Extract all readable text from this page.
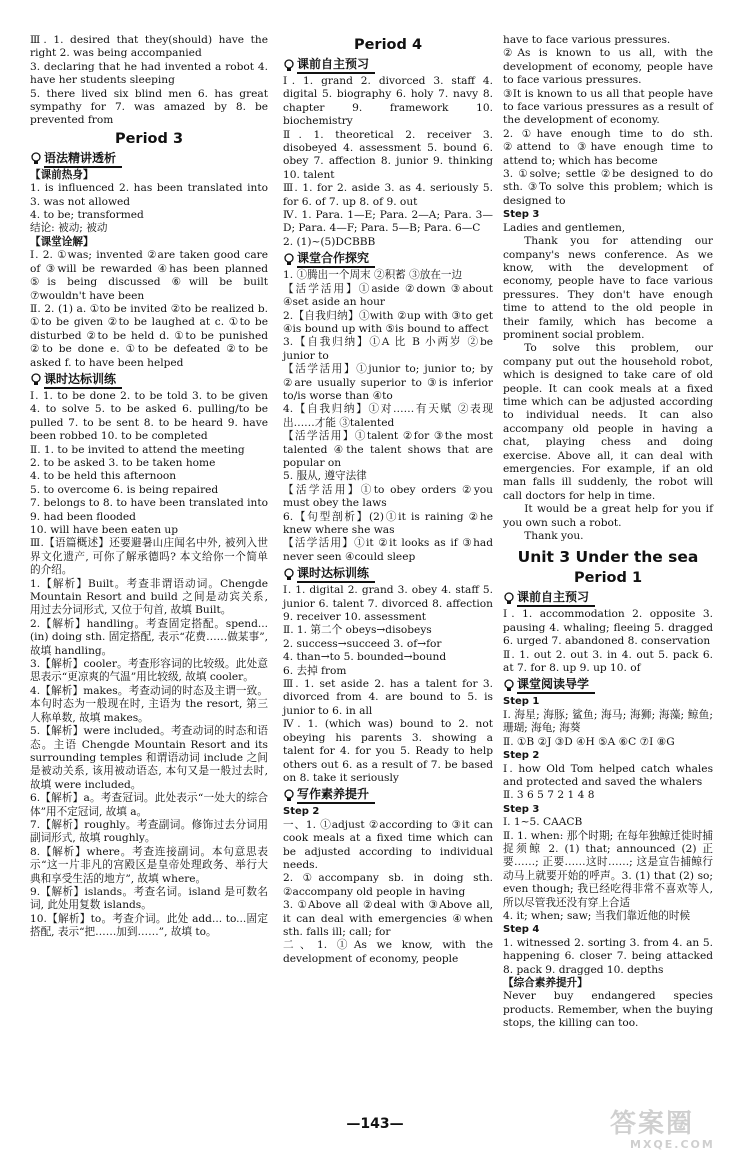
Ⅲ. 1. desired that they(should) have the right 2. was being accompanied

3. declaring that he had invented a robot 4. have her students sleeping

5. there lived six blind men 6. has great sympathy for 7. was amazed by 8. be prevented from

Period 3
语法精讲透析

【课前热身】

1. is influenced 2. has been translated into 3. was not allowed

4. to be; transformed

结论: 被动; 被动

【课堂诠解】

Ⅰ. 2. ①was; invented ②are taken good care of ③will be rewarded ④has been planned ⑤is being discussed ⑥will be built ⑦wouldn't have been

Ⅱ. 2. (1) a. ①to be invited ②to be realized b. ①to be given ②to be laughed at c. ①to be disturbed ②to be held d. ①to be punished ②to be done e. ①to be defeated ②to be asked f. to have been helped

课时达标训练

Ⅰ. 1. to be done 2. to be told 3. to be given 4. to solve 5. to be asked 6. pulling/to be pulled 7. to be sent 8. to be heard 9. have been robbed 10. to be completed

Ⅱ. 1. to be invited to attend the meeting

2. to be asked 3. to be taken home

4. to be held this afternoon

5. to overcome 6. is being repaired

7. belongs to 8. to have been translated into 9. had been flooded

10. will have been eaten up

Ⅲ.【语篇概述】还要避暑山庄闻名中外, 被列入世界文化遗产, 可你了解承德吗? 本文给你一个简单的介绍。

1.【解析】Built。考查非谓语动词。Chengde Mountain Resort and build 之间是动宾关系, 用过去分词形式, 又位于句首, 故填 Built。

2.【解析】handling。考查固定搭配。spend...(in) doing sth. 固定搭配, 表示“花费……做某事”, 故填 handling。

3.【解析】cooler。考查形容词的比较级。此处意思表示“更凉爽的气温”用比较级, 故填 cooler。

4.【解析】makes。考查动词的时态及主谓一致。本句时态为一般现在时, 主语为 the resort, 第三人称单数, 故填 makes。

5.【解析】were included。考查动词的时态和语态。主语 Chengde Mountain Resort and its surrounding temples 和谓语动词 include 之间是被动关系, 该用被动语态, 本句又是一般过去时, 故填 were included。

6.【解析】a。考查冠词。此处表示“一处大的综合体”用不定冠词, 故填 a。

7.【解析】roughly。考查副词。修饰过去分词用副词形式, 故填 roughly。

8.【解析】where。考查连接副词。本句意思表示“这一片非凡的宫殿区是皇帝处理政务、举行大典和享受生活的地方”, 故填 where。

9.【解析】islands。考查名词。island 是可数名词, 此处用复数 islands。

10.【解析】to。考查介词。此处 add... to...固定搭配, 表示“把……加到……”, 故填 to。

Period 4
课前自主预习

Ⅰ. 1. grand 2. divorced 3. staff 4. digital 5. biography 6. holy 7. navy 8. chapter 9. framework 10. biochemistry

Ⅱ. 1. theoretical 2. receiver 3. disobeyed 4. assessment 5. bound 6. obey 7. affection 8. junior 9. thinking 10. talent

Ⅲ. 1. for 2. aside 3. as 4. seriously 5. for 6. of 7. up 8. of 9. out

Ⅳ. 1. Para. 1—E; Para. 2—A; Para. 3—D; Para. 4—F; Para. 5—B; Para. 6—C

2. (1)~(5)DCBBB

课堂合作探究

1. ①腾出一个周末 ②积蓄 ③放在一边

【活学活用】①aside ②down ③about ④set aside an hour

2.【自我归纳】①with ②up with ③to get ④is bound up with ⑤is bound to affect

3.【自我归纳】①A 比 B 小两岁 ②be junior to

【活学活用】①junior to; junior to; by ②are usually superior to ③is inferior to/is worse than ④to

4.【自我归纳】①对……有天赋 ②表现出……才能 ③talented

【活学活用】①talent ②for ③the most talented ④the talent shows that are popular on

5. 服从, 遵守法律

【活学活用】①to obey orders ②you must obey the laws

6.【句型剖析】(2)①it is raining ②he knew where she was

【活学活用】①it ②it looks as if ③had never seen ④could sleep

课时达标训练

Ⅰ. 1. digital 2. grand 3. obey 4. staff 5. junior 6. talent 7. divorced 8. affection 9. receiver 10. assessment

Ⅱ. 1. 第二个 obeys→disobeys

2. success→succeed 3. of→for

4. than→to 5. bounded→bound

6. 去掉 from

Ⅲ. 1. set aside 2. has a talent for 3. divorced from 4. are bound to 5. is junior to 6. in all

Ⅳ. 1. (which was) bound to 2. not obeying his parents 3. showing a talent for 4. for you 5. Ready to help others out 6. as a result of 7. be based on 8. take it seriously

写作素养提升

Step 2

一、1. ①adjust ②according to ③it can cook meals at a fixed time which can be adjusted according to individual needs.

2. ①accompany sb. in doing sth. ②accompany old people in having

3. ①Above all ②deal with ③Above all, it can deal with emergencies ④when sth. falls ill; call; for

二、1. ①As we know, with the development of economy, people

have to face various pressures.

②As is known to us all, with the development of economy, people have to face various pressures.

③It is known to us all that people have to face various pressures as a result of the development of economy.

2. ①have enough time to do sth. ②attend to ③have enough time to attend to; which has become

3. ①solve; settle ②be designed to do sth. ③To solve this problem; which is designed to

Step 3

Ladies and gentlemen,

Thank you for attending our company's news conference. As we know, with the development of economy, people have to face various pressures. They don't have enough time to attend to the old people in their family, which has become a prominent social problem.

To solve this problem, our company put out the household robot, which is designed to take care of old people. It can cook meals at a fixed time which can be adjusted according to individual needs. It can also accompany old people in having a chat, playing chess and doing exercise. Above all, it can deal with emergencies. For example, if an old man falls ill suddenly, the robot will call doctors for help in time.

It would be a great help for you if you own such a robot.

Thank you.

Unit 3 Under the sea
Period 1
课前自主预习

Ⅰ. 1. accommodation 2. opposite 3. pausing 4. whaling; fleeing 5. dragged 6. urged 7. abandoned 8. conservation

Ⅱ. 1. out 2. out 3. in 4. out 5. pack 6. at 7. for 8. up 9. up 10. of

课堂阅读导学

Step 1

Ⅰ. 海星; 海豚; 鲨鱼; 海马; 海狮; 海藻; 鲸鱼; 珊瑚; 海龟; 海葵

Ⅱ. ①B ②J ③D ④H ⑤A ⑥C ⑦I ⑧G

Step 2

Ⅰ. how Old Tom helped catch whales and protected and saved the whalers

Ⅱ. 3 6 5 7 2 1 4 8

Step 3

Ⅰ. 1~5. CAACB

Ⅱ. 1. when: 那个时期; 在每年独鲸迁徙时捕捉须鲸 2. (1) that; announced (2) 正要……; 正要……这时……; 这是宣告捕鲸行动马上就要开始的呼声。3. (1) that (2) so; even though; 我已经吃得非常不喜欢等人, 所以尽管我还没有穿上合适

4. it; when; saw; 当我们靠近他的时候

Step 4

1. witnessed 2. sorting 3. from 4. an 5. happening 6. closer 7. being attacked 8. pack 9. dragged 10. depths

【综合素养提升】

Never buy endangered species products. Remember, when the buying stops, the killing can too.

—143—	答案圈
MXQE.COM
